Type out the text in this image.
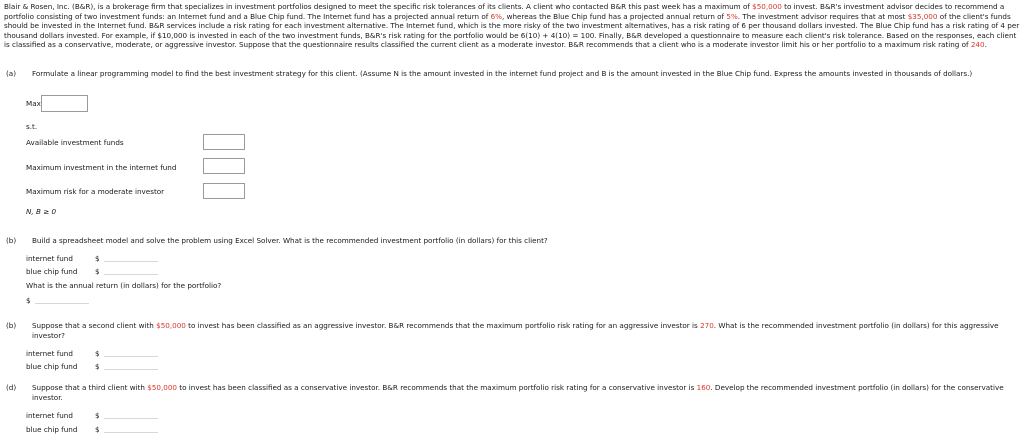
Blair & Rosen, Inc. (B&R), is a brokerage firm that specializes in investment portfolios designed to meet the specific risk tolerances of its clients. A client who contacted B&R this past week has a maximum of $50,000 to invest. B&R's investment advisor decides to recommend a portfolio consisting of two investment funds: an Internet fund and a Blue Chip fund. The Internet fund has a projected annual return of 6%, whereas the Blue Chip fund has a projected annual return of 5%. The investment advisor requires that at most $35,000 of the client's funds should be invested in the Internet fund. B&R services include a risk rating for each investment alternative. The Internet fund, which is the more risky of the two investment alternatives, has a risk rating of 6 per thousand dollars invested. The Blue Chip fund has a risk rating of 4 per thousand dollars invested. For example, if $10,000 is invested in each of the two investment funds, B&R's risk rating for the portfolio would be 6(10) + 4(10) = 100. Finally, B&R developed a questionnaire to measure each client's risk tolerance. Based on the responses, each client is classified as a conservative, moderate, or aggressive investor. Suppose that the questionnaire results classified the current client as a moderate investor. B&R recommends that a client who is a moderate investor limit his or her portfolio to a maximum risk rating of 240.
(a) Formulate a linear programming model to find the best investment strategy for this client. (Assume N is the amount invested in the internet fund project and B is the amount invested in the Blue Chip fund. Express the amounts invested in thousands of dollars.)
Max
s.t.
Available investment funds
Maximum investment in the internet fund
Maximum risk for a moderate investor
N, B ≥ 0
(b) Build a spreadsheet model and solve the problem using Excel Solver. What is the recommended investment portfolio (in dollars) for this client?
internet fund	$
blue chip fund $
What is the annual return (in dollars) for the portfolio?
$
(b) Suppose that a second client with $50,000 to invest has been classified as an aggressive investor. B&R recommends that the maximum portfolio risk rating for an aggressive investor is 270. What is the recommended investment portfolio (in dollars) for this aggressive investor?
internet fund	$
blue chip fund $
(d) Suppose that a third client with $50,000 to invest has been classified as a conservative investor. B&R recommends that the maximum portfolio risk rating for a conservative investor is 160. Develop the recommended investment portfolio (in dollars) for the conservative investor.
internet fund	$
blue chip fund $
